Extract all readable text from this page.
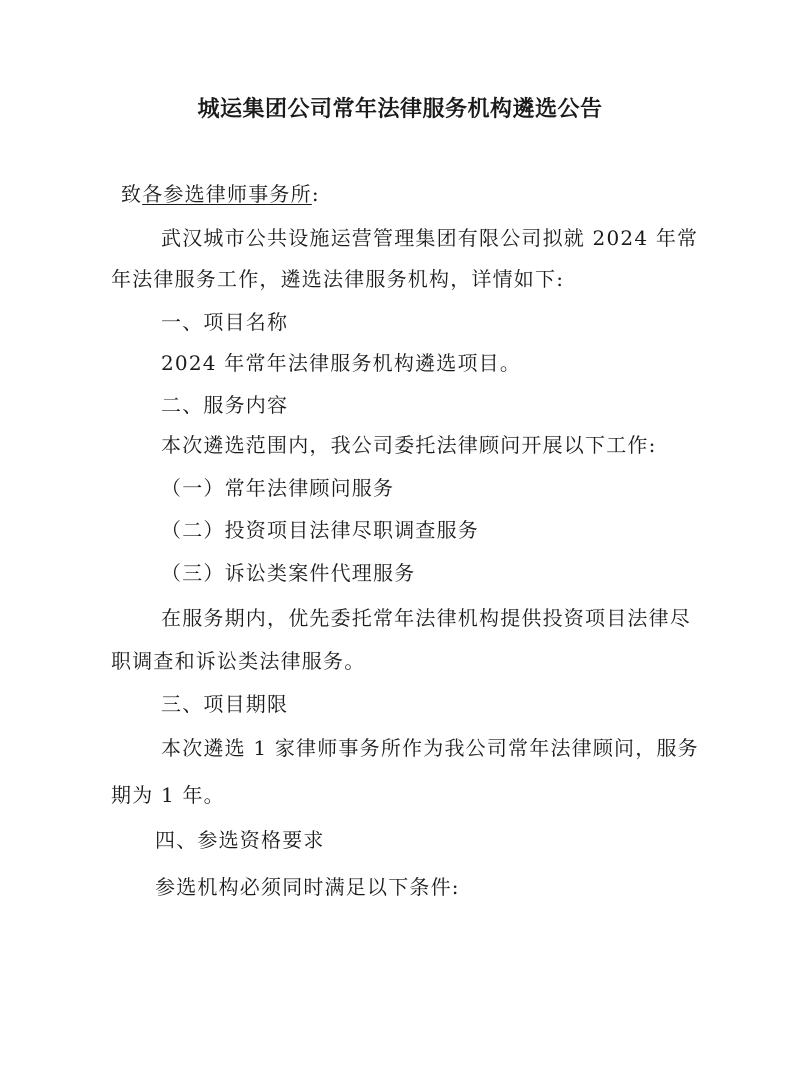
城运集团公司常年法律服务机构遴选公告
致各参选律师事务所:
武汉城市公共设施运营管理集团有限公司拟就 2024 年常
年法律服务工作，遴选法律服务机构，详情如下:
一、项目名称
2024 年常年法律服务机构遴选项目。
二、服务内容
本次遴选范围内，我公司委托法律顾问开展以下工作:
（一）常年法律顾问服务
（二）投资项目法律尽职调查服务
（三）诉讼类案件代理服务
在服务期内，优先委托常年法律机构提供投资项目法律尽
职调查和诉讼类法律服务。
三、项目期限
本次遴选 1 家律师事务所作为我公司常年法律顾问，服务
期为 1 年。
四、参选资格要求
参选机构必须同时满足以下条件:
